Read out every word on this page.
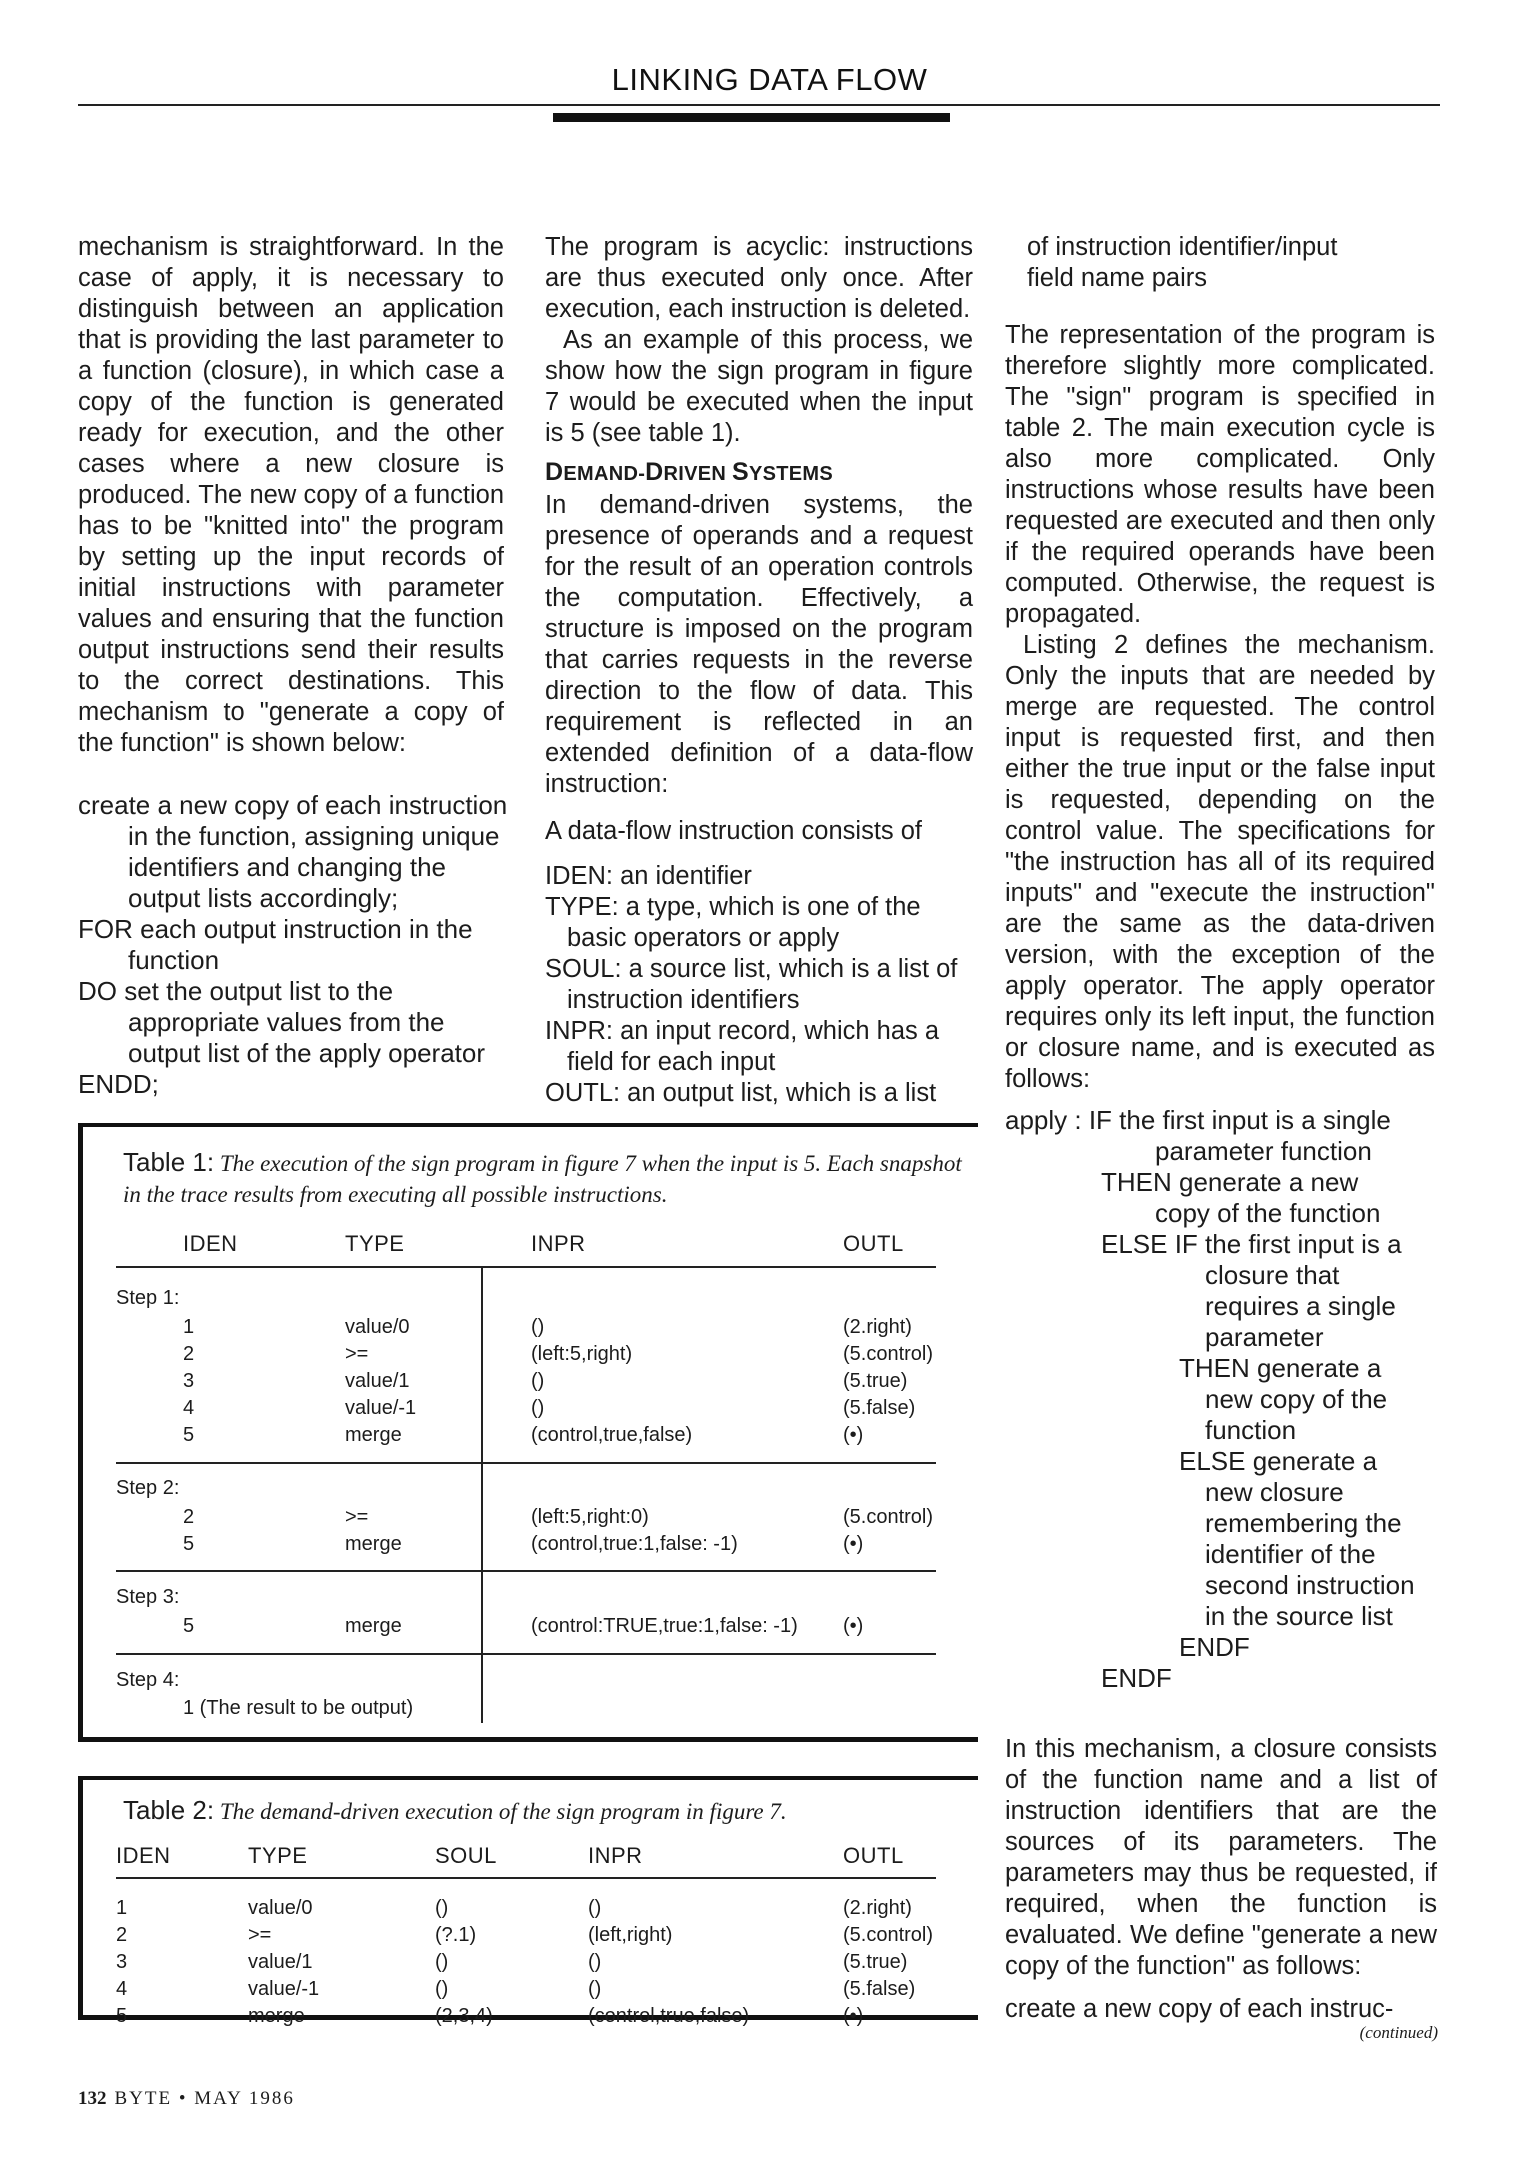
LINKING DATA FLOW

mechanism is straightforward. In the case of apply, it is necessary to distinguish between an application that is providing the last parameter to a function (closure), in which case a copy of the function is generated ready for execution, and the other cases where a new closure is produced. The new copy of a function has to be "knitted into" the program by setting up the input records of initial instructions with parameter values and ensuring that the function output instructions send their results to the correct destinations. This mechanism to "generate a copy of the function" is shown below:

create a new copy of each instruction
in the function, assigning unique
identifiers and changing the
output lists accordingly;
FOR each output instruction in the
function
DO set the output list to the
appropriate values from the
output list of the apply operator
ENDD;

The program is acyclic: instructions are thus executed only once. After execution, each instruction is deleted.

As an example of this process, we show how the sign program in figure 7 would be executed when the input is 5 (see table 1).

DEMAND-DRIVEN SYSTEMS

In demand-driven systems, the presence of operands and a request for the result of an operation controls the computation. Effectively, a structure is imposed on the program that carries requests in the reverse direction to the flow of data. This requirement is reflected in an extended definition of a data-flow instruction:

A data-flow instruction consists of

IDEN: an identifier

TYPE: a type, which is one of the basic operators or apply

SOUL: a source list, which is a list of instruction identifiers

INPR: an input record, which has a field for each input

OUTL: an output list, which is a list

of instruction identifier/input

field name pairs

The representation of the program is therefore slightly more complicated. The "sign" program is specified in table 2. The main execution cycle is also more complicated. Only instructions whose results have been requested are executed and then only if the required operands have been computed. Otherwise, the request is propagated.

Listing 2 defines the mechanism. Only the inputs that are needed by merge are requested. The control input is requested first, and then either the true input or the false input is requested, depending on the control value. The specifications for "the instruction has all of its required inputs" and "execute the instruction" are the same as the data-driven version, with the exception of the apply operator. The apply operator requires only its left input, the function or closure name, and is executed as follows:

apply : IF the first input is a single
parameter function
THEN generate a new
copy of the function
ELSE IF the first input is a
closure that
requires a single
parameter
THEN generate a
new copy of the
function
ELSE generate a
new closure
remembering the
identifier of the
second instruction
in the source list
ENDF
ENDF

In this mechanism, a closure consists of the function name and a list of instruction identifiers that are the sources of its parameters. The parameters may thus be requested, if required, when the function is evaluated. We define "generate a new copy of the function" as follows:

create a new copy of each instruc-

(continued)
Table 1: The execution of the sign program in figure 7 when the input is 5. Each snapshot in the trace results from executing all possible instructions.
IDEN	TYPE	INPR	OUTL
Step 1:
1	value/0	()	(2.right)
2	>=	(left:5,right)	(5.control)
3	value/1	()	(5.true)
4	value/-1	()	(5.false)
5	merge	(control,true,false)	(•)
Step 2:
2	>=	(left:5,right:0)	(5.control)
5	merge	(control,true:1,false: -1)	(•)
Step 3:
5	merge	(control:TRUE,true:1,false: -1) (•)
Step 4:
1 (The result to be output)
Table 2: The demand-driven execution of the sign program in figure 7.
IDEN	TYPE	SOUL	INPR	OUTL
1	value/0	()	()	(2.right)
2	>=	(?.1)	(left,right)	(5.control)
3	value/1	()	()	(5.true)
4	value/-1	()	()	(5.false)
5	merge	(2,3,4)	(control,true,false)	(•)
132 BYTE • MAY 1986
